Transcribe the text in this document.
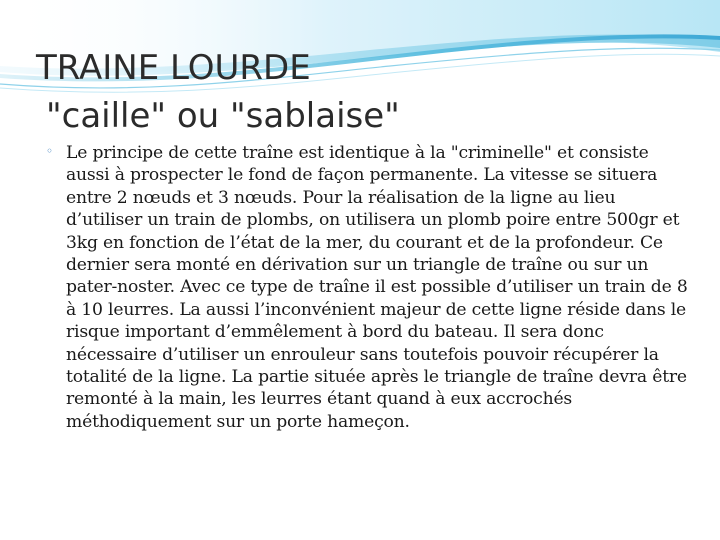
TRAINE LOURDE
"caille" ou "sablaise"
◦ Le principe de cette traîne est identique à la "criminelle" et consiste aussi à prospecter le fond de façon permanente. La vitesse se situera entre 2 nœuds et 3 nœuds. Pour la réalisation de la ligne au lieu d’utiliser un train de plombs, on utilisera un plomb poire entre 500gr et 3kg en fonction de l’état de la mer, du courant et de la profondeur. Ce dernier sera monté en dérivation sur un triangle de traîne ou sur un pater-noster. Avec ce type de traîne il est possible d’utiliser un train de 8 à 10 leurres. La aussi l’inconvénient majeur de cette ligne réside dans le risque important d’emmêlement à bord du bateau. Il sera donc nécessaire d’utiliser un enrouleur sans toutefois pouvoir récupérer la totalité de la ligne. La partie située après le triangle de traîne devra être remonté à la main, les leurres étant quand à eux accrochés méthodiquement sur un porte hameçon.
